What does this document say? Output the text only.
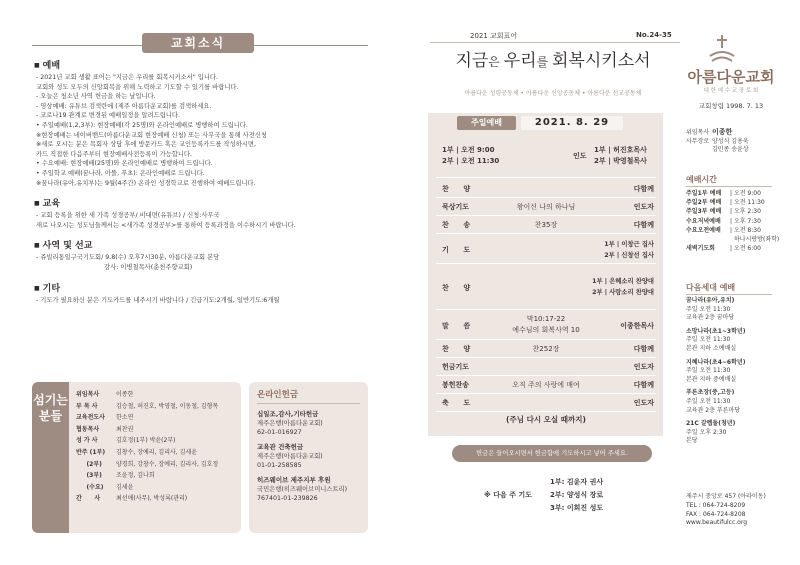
교회소식
■ 예배
- 2021년 교회 생활 표어는 "지금은 우리를 회복시키소서" 입니다.
교회와 성도 모두의 신앙회복을 위해 노력하고 기도할 수 있기를 바랍니다.
- 오늘은 청소년 사역 헌금을 하는 날입니다.
- 영상예배: 유튜브 검색란에 (제주 아름다운교회)를 검색하세요.
- 코로나19 관계로 변경된 예배일정을 알려드립니다.
• 주일예배(1,2,3부): 현장예배(각 25명)와 온라인예배로 병행하여 드립니다.
※현장예배는 네이버밴드(아름다운교회 현장예배 신청) 또는 사무국을 통해 사전신청
※새로 오시는 분은 목회자 상담 후에 방문카드 혹은 교인등록카드를 작성하시면,
카드 직접한 다음주부터 현장예배사전등록이 가능합니다.
• 수요예배: 현장예배(25명)와 온라인예배로 병행하여 드립니다.
• 주일학교 예배(꿈나라, 아뜰, 푸초): 온라인예배로 드립니다.
※꿈나라(유아,유치부)는 9월(4주간) 온라인 성경학교로 진행하여 예배드립니다.
■ 교육
- 교회 등록을 위한 새 가족 성경공부/ 비대면(유튜브) / 신청:사무국
새로 나오시는 성도님들께서는 <새가족 성경공부>를 통하여 등록과정을 이수하시기 바랍니다.
■ 사역 및 선교
- 쥬빌리통일구국기도회/ 9.8(수) 오후7시30분, 아름다운교회 본당
강사: 이병철목사(춘천주향교회)
■ 기타
- 기도가 필요하신 분은 기도카드를 내주시기 바랍니다 / 긴급기도:2개월, 일반기도:6개월
섬기는
분들
위임목사	이종한
부 목 사	김승철, 허진호, 박영철, 이동철, 김형목
교육전도사 한소연
협동목사	최찬권
성 가 사	김호정(1부) 박윤(2부)
반주 (1부) 김창수, 장예리, 김리사, 김세윤
(2부) 양경희, 강창수, 장예리, 김리사, 김호정
(3부) 조윤정, 김나희
(수요) 김세윤
간      사	최선애(사무), 박성록(관리)
온라인헌금
십일조,감사,기타헌금
제주은행(아름다운교회)
62-01-016927
교육관 건축헌금
제주은행(아름다운교회)
01-01-258585
히즈웨이브 제주지부 후원
국민은행(히즈웨이브미니스트리)
767401-01-239826
2021 교회표어	No.24-35
지금은 우리를 회복시키소서
아름다운 성령공동체 • 아름다운 신앙공동체 • 아름다운 선교공동체
주일예배	2021. 8. 29
1부 | 오전 9:00
2부 | 오전 11:30
인도
1부 | 허진호목사
2부 | 박영철목사
찬      양	다함께
묵상기도	왕이신 나의 하나님	인도자
찬      송	찬35장	다함께
기      도
1부 | 이창근 집사
2부 | 신창선 집사
찬      양
1부 | 은혜소리 찬양대
2부 | 사랑소리 찬양대
말      씀
막10:17-22
예수님의 회복사역 10	이종한목사
찬      양	찬252장	다함께
헌금기도	인도자
봉헌찬송	오직 주의 사랑에 매여	다함께
축      도	인도자
(주님 다시 오실 때까지)
헌금은 들어오시면서 헌금함에 기도하시고 넣어 주세요.
※ 다음 주 기도
1부: 김윤자 권사
2부: 양성식 장로
3부: 이희진 성도
아름다운교회
대 한 예 수 교 장 로 회
교회창립 1998. 7. 13
위임목사 이종한
사무장로 양성식 김용욱
김민종 송윤상
예배시간
주일1부 예배 | 오전 9:00
주일2부 예배 | 오전 11:30
주일3부 예배 | 오후 2:30
수요저녁예배 | 오후 7:30
수요오전예배 | 오전 8:30
하나시랑방(좌학)
새벽기도회	| 오전 6:00
다음세대 예배
꿈나라(유아,유치)
주일 오전 11:30
교육관 2층 꿈마당
소망나라(초1~3학년)
주일 오전 11:30
본관 지하 소예배실
지혜나라(초4~6학년)
주일 오전 11:30
본관 지하 중예배실
푸른초장(중,고등)
주일 오전 11:30
교육관 2층 푸른마당
21C 갈렙돌(청년)
주일 오후 2:30
본당
제주시 중앙로 457 (아라이동)
TEL : 064-724-8209
FAX : 064-724-8208
www.beautifulcc.org
